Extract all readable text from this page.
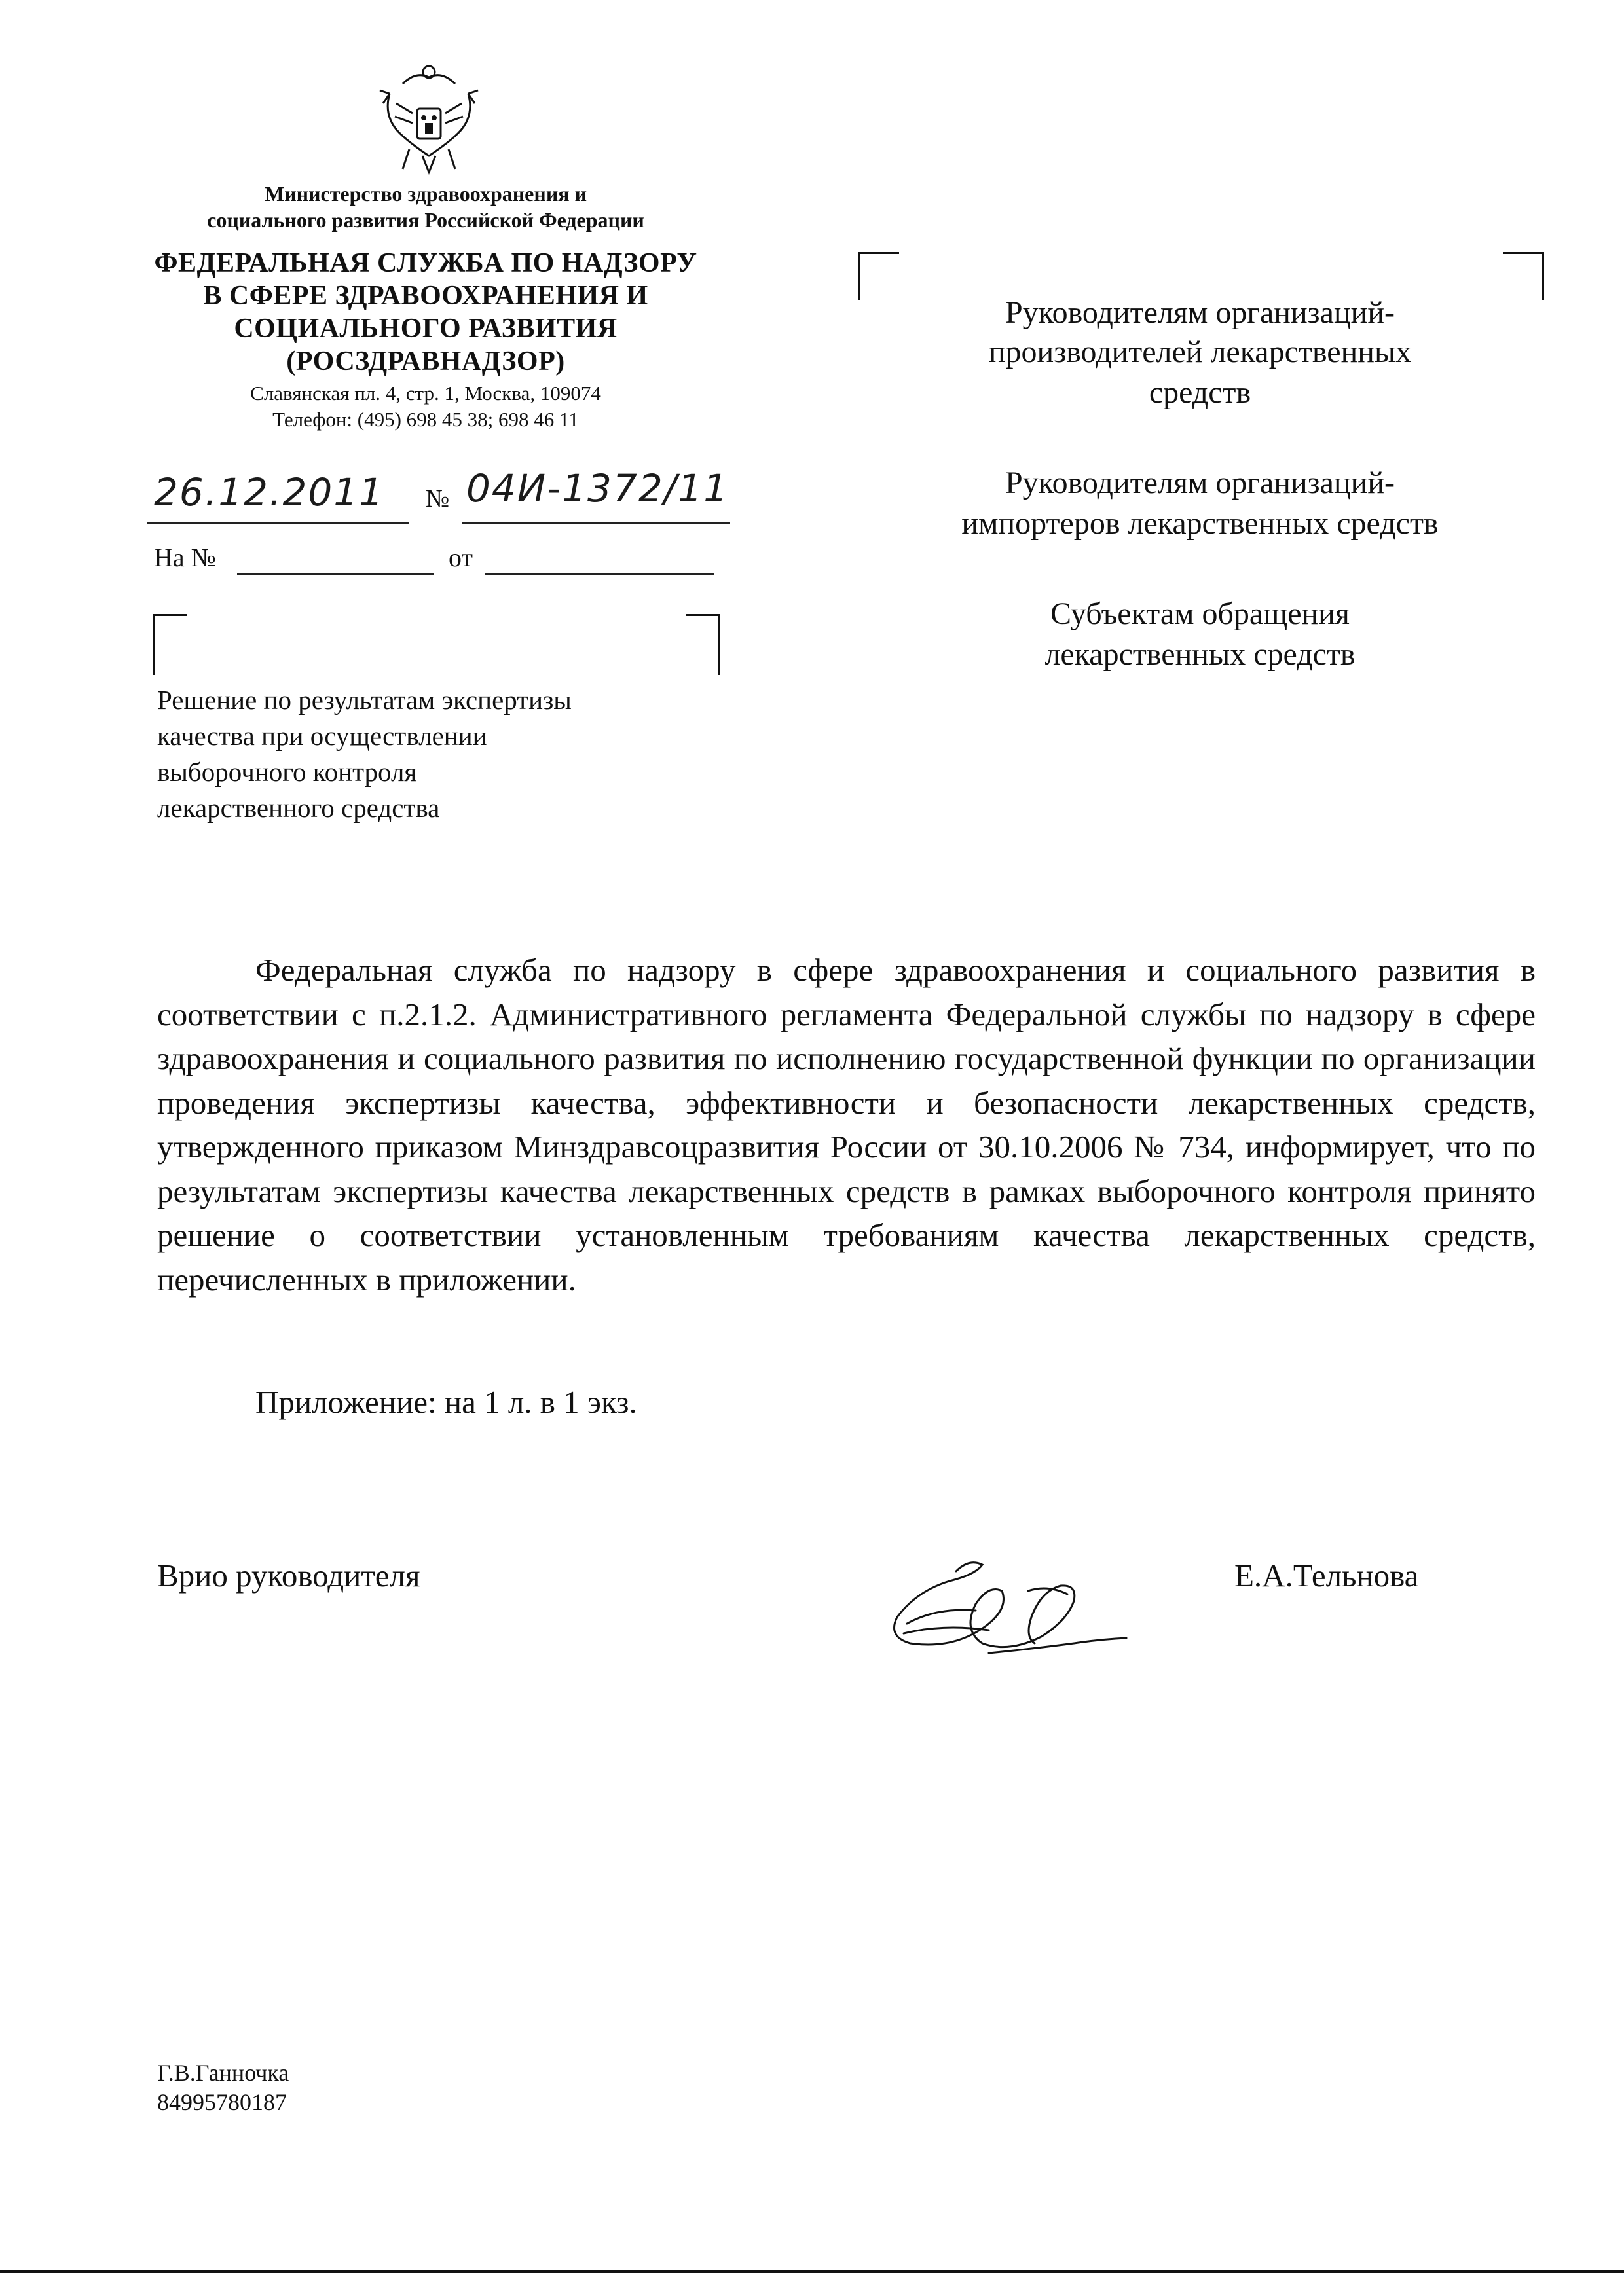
Министерство здравоохранения и
социального развития Российской Федерации
ФЕДЕРАЛЬНАЯ СЛУЖБА ПО НАДЗОРУ
В СФЕРЕ ЗДРАВООХРАНЕНИЯ И
СОЦИАЛЬНОГО РАЗВИТИЯ
(РОСЗДРАВНАДЗОР)
Славянская пл. 4, стр. 1, Москва, 109074
Телефон: (495) 698 45 38; 698 46 11
26.12.2011 № 04И-1372/11
На №	от
Решение по результатам экспертизы
качества при осуществлении
выборочного контроля
лекарственного средства
Руководителям организаций-
производителей лекарственных
средств
Руководителям организаций-
импортеров лекарственных средств
Субъектам обращения
лекарственных средств
Федеральная служба по надзору в сфере здравоохранения и социального развития в соответствии с п.2.1.2. Административного регламента Федеральной службы по надзору в сфере здравоохранения и социального развития по исполнению государственной функции по организации проведения экспертизы качества, эффективности и безопасности лекарственных средств, утвержденного приказом Минздравсоцразвития России от 30.10.2006 № 734, информирует, что по результатам экспертизы качества лекарственных средств в рамках выборочного контроля принято решение о соответствии установленным требованиям качества лекарственных средств, перечисленных в приложении.
Приложение: на 1 л. в 1 экз.
Врио руководителя	Е.А.Тельнова
Г.В.Ганночка
84995780187
